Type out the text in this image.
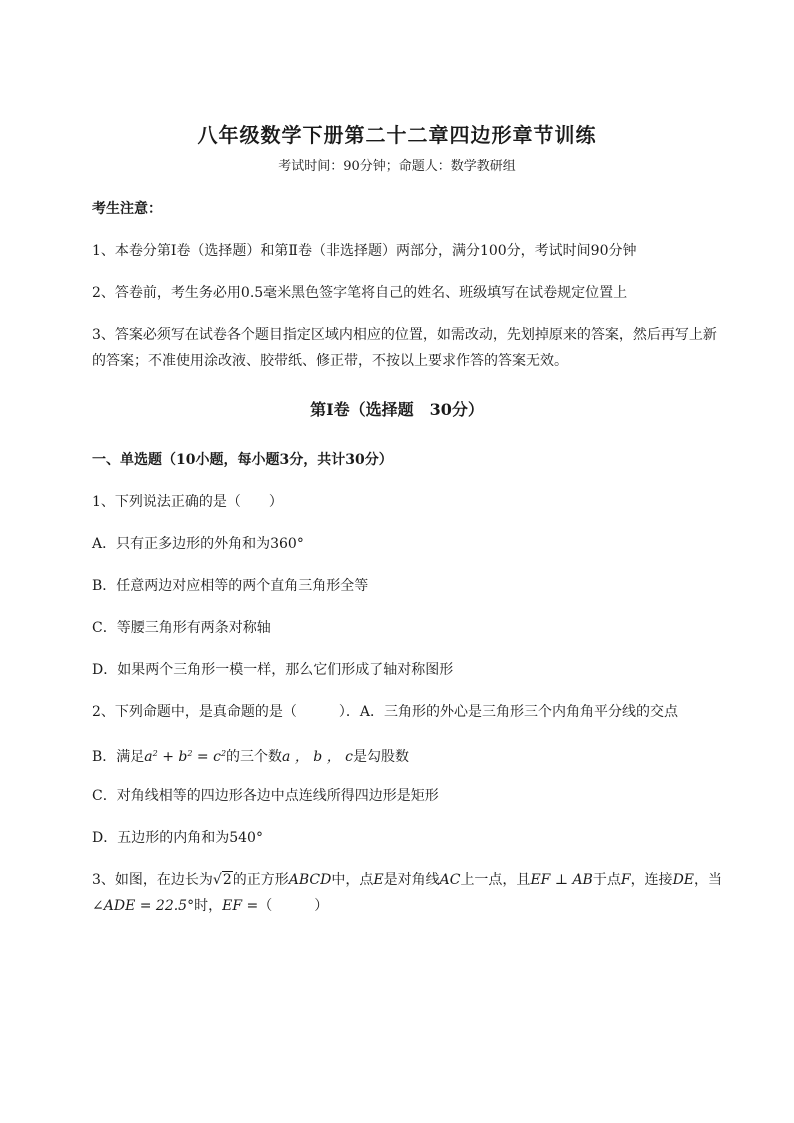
八年级数学下册第二十二章四边形章节训练
考试时间：90分钟；命题人：数学教研组
考生注意：
1、本卷分第Ⅰ卷（选择题）和第Ⅱ卷（非选择题）两部分，满分100分，考试时间90分钟
2、答卷前，考生务必用0.5毫米黑色签字笔将自己的姓名、班级填写在试卷规定位置上
3、答案必须写在试卷各个题目指定区域内相应的位置，如需改动，先划掉原来的答案，然后再写上新
的答案；不准使用涂改液、胶带纸、修正带，不按以上要求作答的答案无效。
第Ⅰ卷（选择题　30分）
一、单选题（10小题，每小题3分，共计30分）
1、下列说法正确的是（　　）
A．只有正多边形的外角和为360°
B．任意两边对应相等的两个直角三角形全等
C．等腰三角形有两条对称轴
D．如果两个三角形一模一样，那么它们形成了轴对称图形
2、下列命题中，是真命题的是（　　　）．A．三角形的外心是三角形三个内角角平分线的交点
B．满足$a^2 + b^2 = c^2$的三个数a ， b ， c是勾股数
C．对角线相等的四边形各边中点连线所得四边形是矩形
D．五边形的内角和为540°
3、如图，在边长为√2的正方形ABCD中，点E是对角线AC上一点，且EF ⊥ AB于点F，连接DE，当
∠ADE = 22.5°时，EF =（　　　）
